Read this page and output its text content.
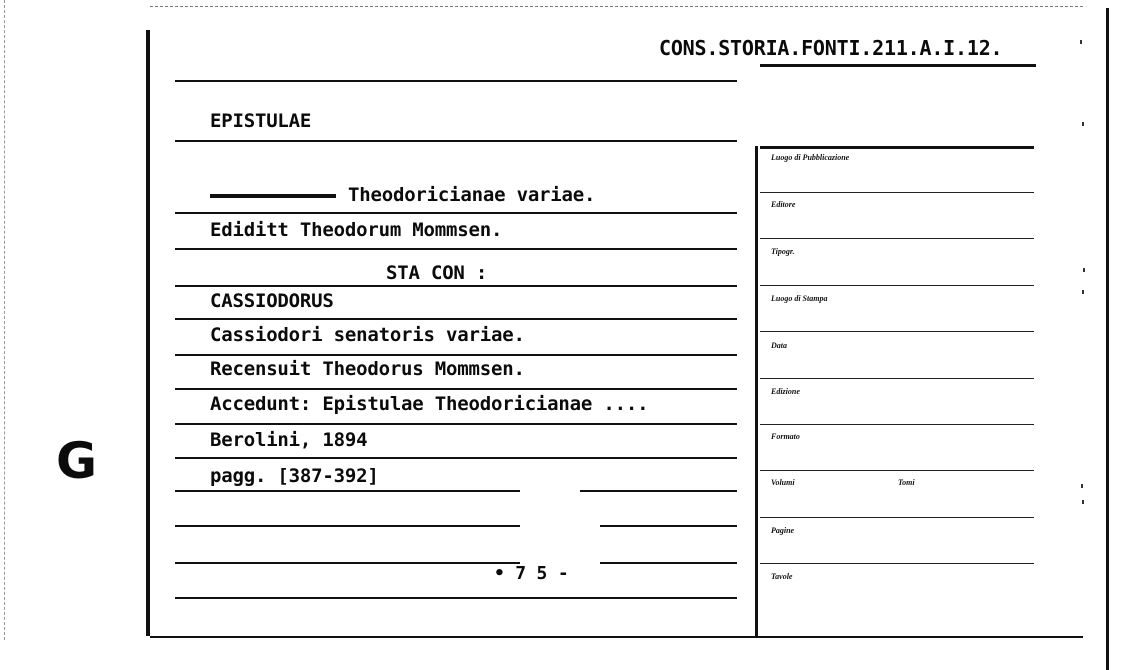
CONS.STORIA.FONTI.211.A.I.12.
EPISTULAE
Theodoricianae variae.
Ediditt Theodorum Mommsen.
STA CON :
CASSIODORUS
Cassiodori senatoris variae.
Recensuit Theodorus Mommsen.
Accedunt: Epistulae Theodoricianae ....
Berolini, 1894
pagg. [387-392]
• 7 5 -
G
Luogo di Pubblicazione
Editore
Tipogr.
Luogo di Stampa
Data
Edizione
Formato
Volumi	Tomi
Pagine
Tavole
